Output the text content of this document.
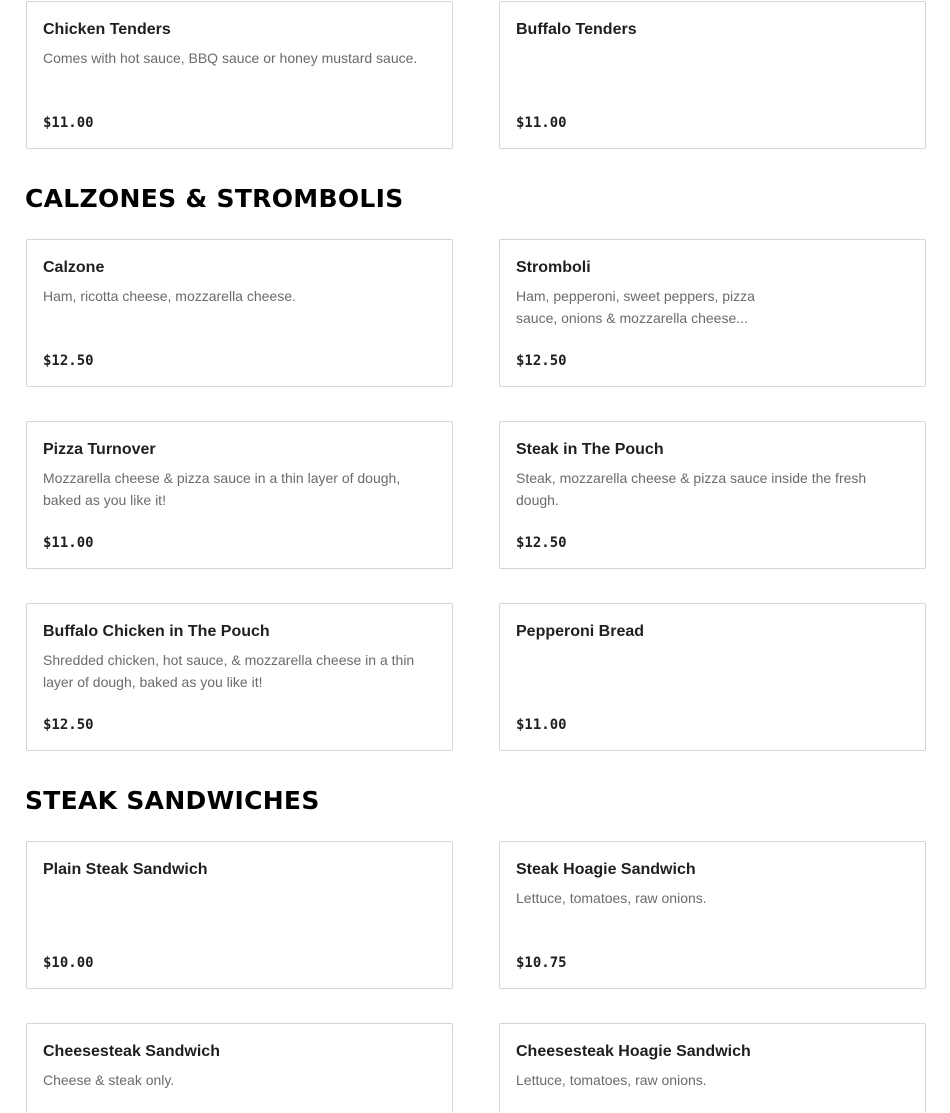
Chicken Tenders
Comes with hot sauce, BBQ sauce or honey mustard sauce.
$11.00
Buffalo Tenders
$11.00
CALZONES & STROMBOLIS
Calzone
Ham, ricotta cheese, mozzarella cheese.
$12.50
Stromboli
Ham, pepperoni, sweet peppers, pizza sauce, onions & mozzarella cheese...
$12.50
Pizza Turnover
Mozzarella cheese & pizza sauce in a thin layer of dough, baked as you like it!
$11.00
Steak in The Pouch
Steak, mozzarella cheese & pizza sauce inside the fresh dough.
$12.50
Buffalo Chicken in The Pouch
Shredded chicken, hot sauce, & mozzarella cheese in a thin layer of dough, baked as you like it!
$12.50
Pepperoni Bread
$11.00
STEAK SANDWICHES
Plain Steak Sandwich
$10.00
Steak Hoagie Sandwich
Lettuce, tomatoes, raw onions.
$10.75
Cheesesteak Sandwich
Cheese & steak only.
Cheesesteak Hoagie Sandwich
Lettuce, tomatoes, raw onions.
